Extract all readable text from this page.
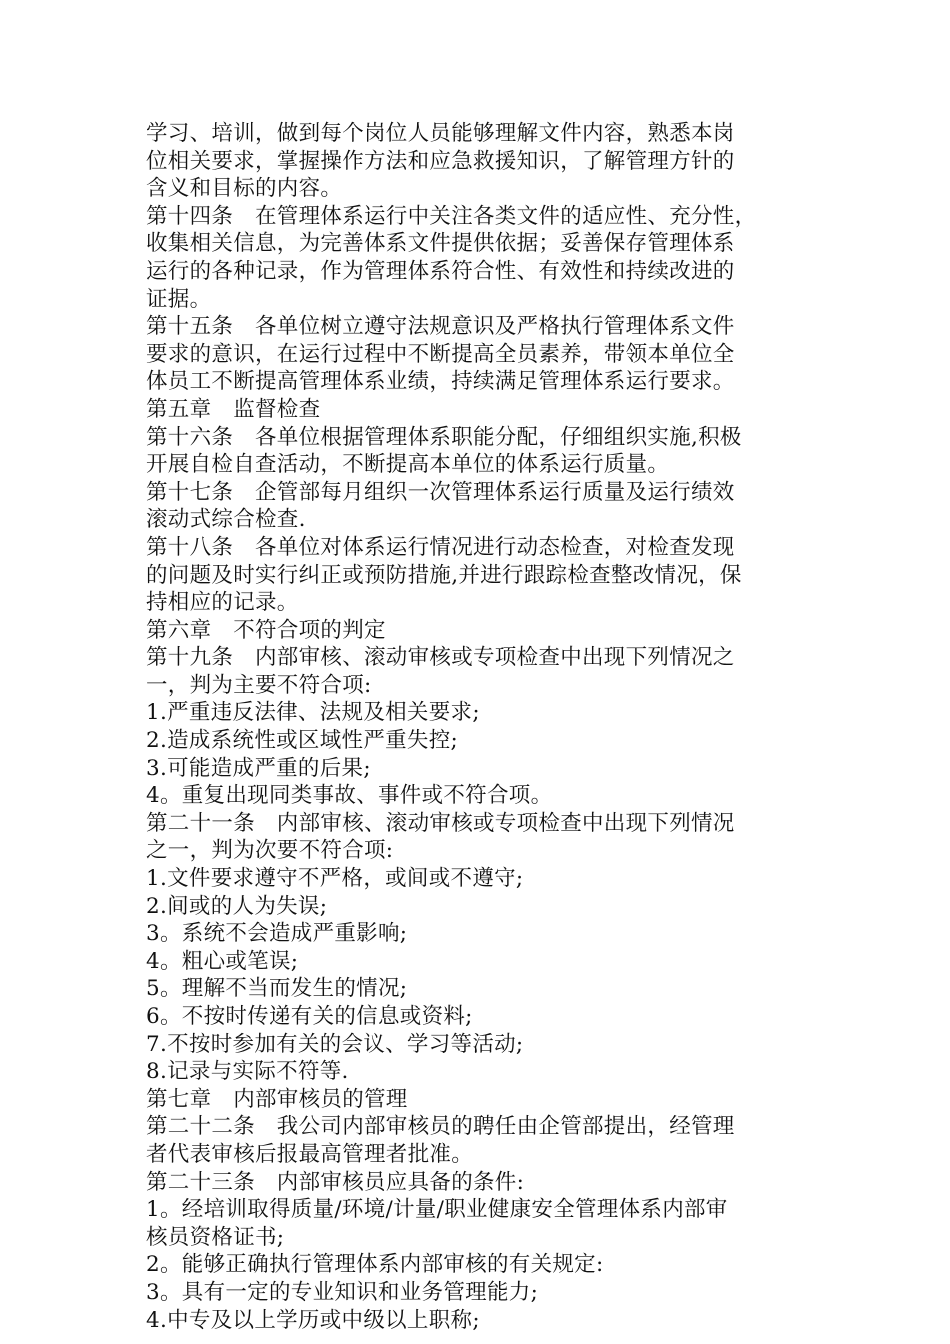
学习、培训，做到每个岗位人员能够理解文件内容，熟悉本岗
位相关要求，掌握操作方法和应急救援知识，了解管理方针的
含义和目标的内容。
第十四条　在管理体系运行中关注各类文件的适应性、充分性，
收集相关信息，为完善体系文件提供依据；妥善保存管理体系
运行的各种记录，作为管理体系符合性、有效性和持续改进的
证据。
第十五条　各单位树立遵守法规意识及严格执行管理体系文件
要求的意识，在运行过程中不断提高全员素养，带领本单位全
体员工不断提高管理体系业绩，持续满足管理体系运行要求。
第五章　监督检查
第十六条　各单位根据管理体系职能分配，仔细组织实施,积极
开展自检自查活动，不断提高本单位的体系运行质量。
第十七条　企管部每月组织一次管理体系运行质量及运行绩效
滚动式综合检查.
第十八条　各单位对体系运行情况进行动态检查，对检查发现
的问题及时实行纠正或预防措施,并进行跟踪检查整改情况，保
持相应的记录。
第六章　不符合项的判定
第十九条　内部审核、滚动审核或专项检查中出现下列情况之
一，判为主要不符合项:
1.严重违反法律、法规及相关要求;
2.造成系统性或区域性严重失控;
3.可能造成严重的后果;
4。重复出现同类事故、事件或不符合项。
第二十一条　内部审核、滚动审核或专项检查中出现下列情况
之一，判为次要不符合项:
1.文件要求遵守不严格，或间或不遵守;
2.间或的人为失误;
3。系统不会造成严重影响;
4。粗心或笔误;
5。理解不当而发生的情况;
6。不按时传递有关的信息或资料;
7.不按时参加有关的会议、学习等活动;
8.记录与实际不符等.
第七章　内部审核员的管理
第二十二条　我公司内部审核员的聘任由企管部提出，经管理
者代表审核后报最高管理者批准。
第二十三条　内部审核员应具备的条件:
1。经培训取得质量/环境/计量/职业健康安全管理体系内部审
核员资格证书;
2。能够正确执行管理体系内部审核的有关规定:
3。具有一定的专业知识和业务管理能力;
4.中专及以上学历或中级以上职称;
